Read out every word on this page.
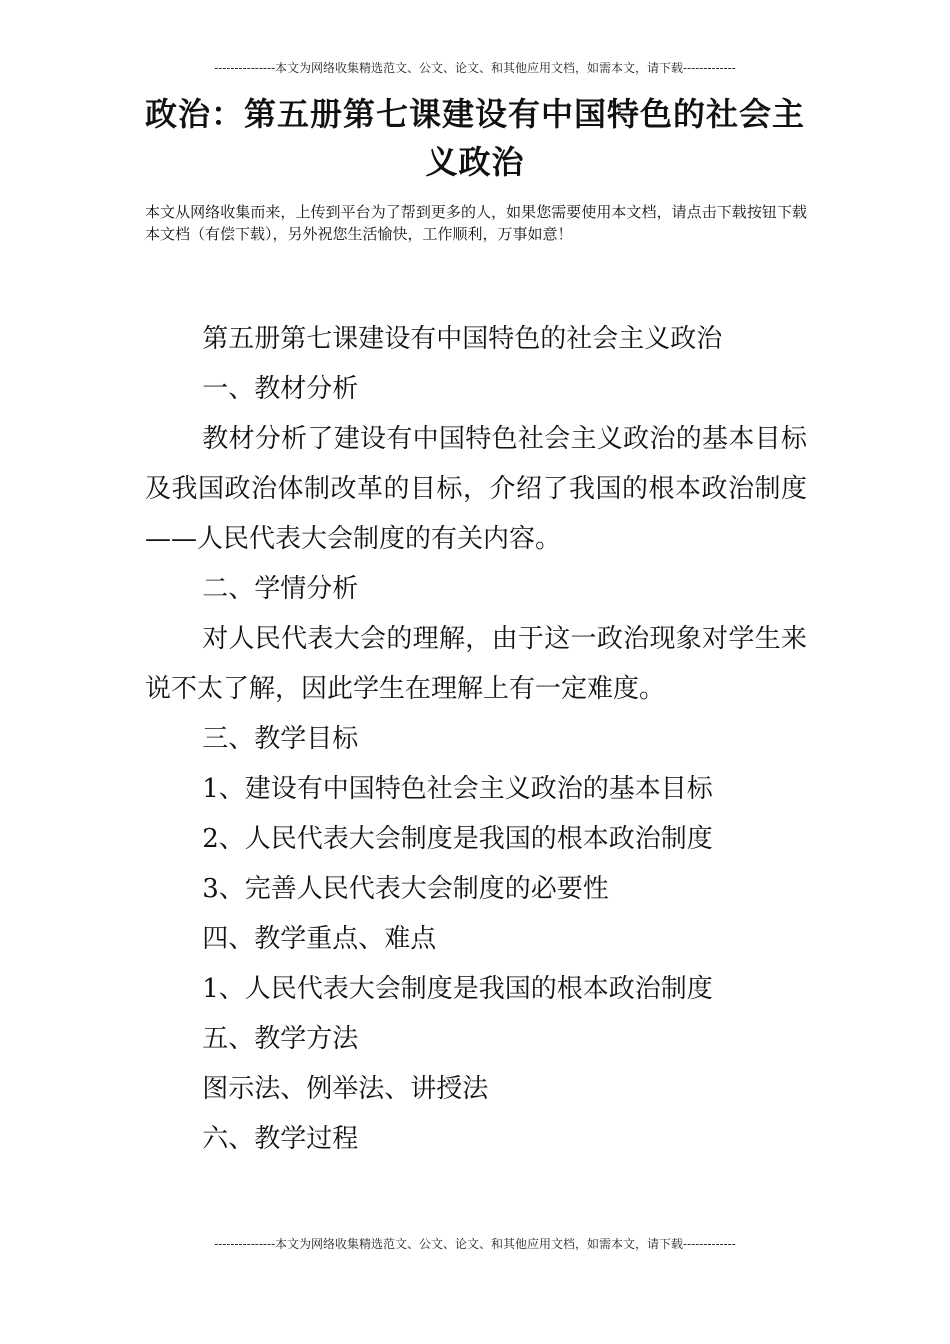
---------------本文为网络收集精选范文、公文、论文、和其他应用文档，如需本文，请下载-------------
政治：第五册第七课建设有中国特色的社会主义政治
本文从网络收集而来，上传到平台为了帮到更多的人，如果您需要使用本文档，请点击下载按钮下载本文档（有偿下载），另外祝您生活愉快，工作顺利，万事如意！

第五册第七课建设有中国特色的社会主义政治

一、教材分析

教材分析了建设有中国特色社会主义政治的基本目标及我国政治体制改革的目标，介绍了我国的根本政治制度——人民代表大会制度的有关内容。

二、学情分析

对人民代表大会的理解，由于这一政治现象对学生来说不太了解，因此学生在理解上有一定难度。

三、教学目标

1、建设有中国特色社会主义政治的基本目标

2、人民代表大会制度是我国的根本政治制度

3、完善人民代表大会制度的必要性

四、教学重点、难点

1、人民代表大会制度是我国的根本政治制度

五、教学方法

图示法、例举法、讲授法

六、教学过程

---------------本文为网络收集精选范文、公文、论文、和其他应用文档，如需本文，请下载-------------
